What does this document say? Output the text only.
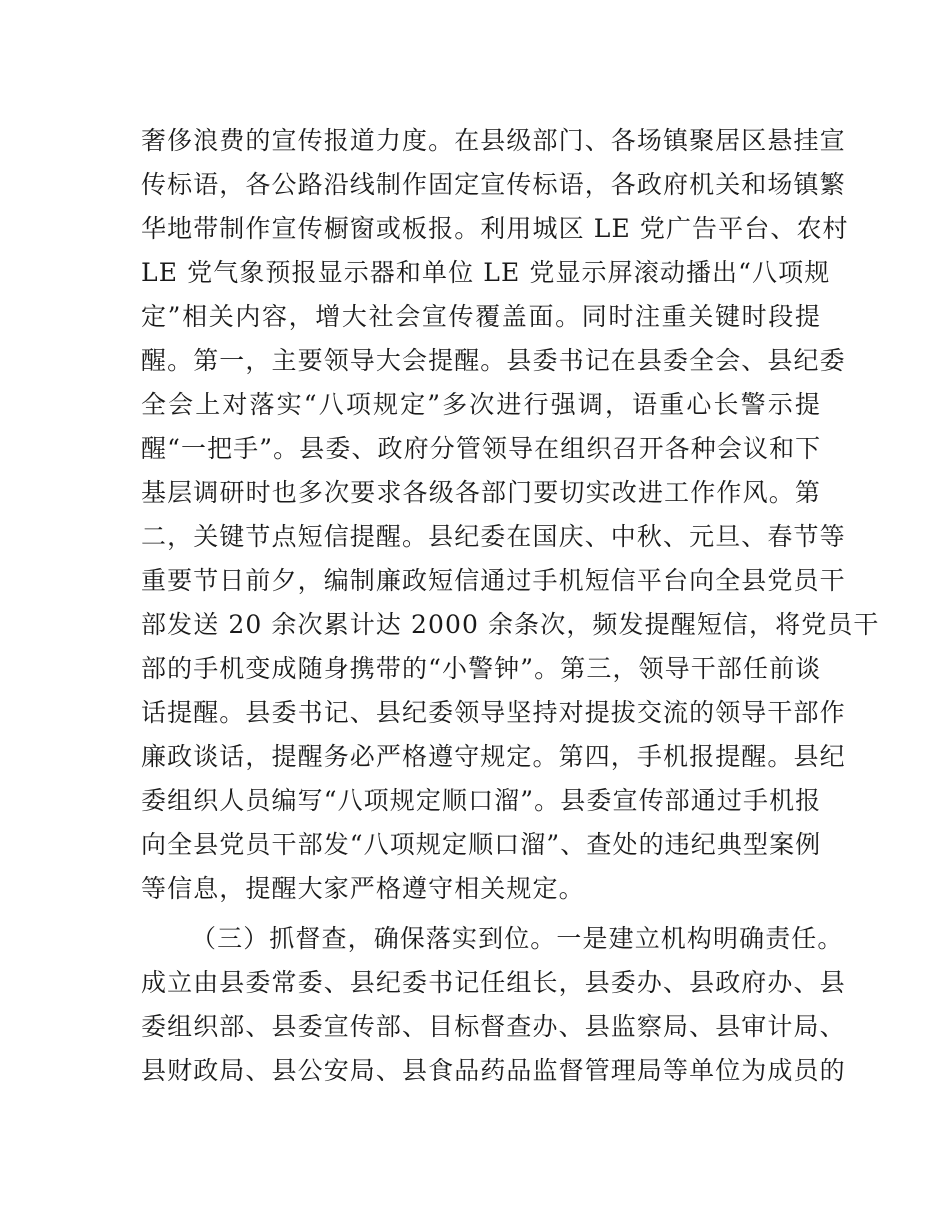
奢侈浪费的宣传报道力度。在县级部门、各场镇聚居区悬挂宣
传标语，各公路沿线制作固定宣传标语，各政府机关和场镇繁
华地带制作宣传橱窗或板报。利用城区 LE 党广告平台、农村
LE 党气象预报显示器和单位 LE 党显示屏滚动播出“八项规
定”相关内容，增大社会宣传覆盖面。同时注重关键时段提
醒。第一，主要领导大会提醒。县委书记在县委全会、县纪委
全会上对落实“八项规定”多次进行强调，语重心长警示提
醒“一把手”。县委、政府分管领导在组织召开各种会议和下
基层调研时也多次要求各级各部门要切实改进工作作风。第
二，关键节点短信提醒。县纪委在国庆、中秋、元旦、春节等
重要节日前夕，编制廉政短信通过手机短信平台向全县党员干
部发送 20 余次累计达 2000 余条次，频发提醒短信，将党员干
部的手机变成随身携带的“小警钟”。第三，领导干部任前谈
话提醒。县委书记、县纪委领导坚持对提拔交流的领导干部作
廉政谈话，提醒务必严格遵守规定。第四，手机报提醒。县纪
委组织人员编写“八项规定顺口溜”。县委宣传部通过手机报
向全县党员干部发“八项规定顺口溜”、查处的违纪典型案例
等信息，提醒大家严格遵守相关规定。
（三）抓督查，确保落实到位。一是建立机构明确责任。
成立由县委常委、县纪委书记任组长，县委办、县政府办、县
委组织部、县委宣传部、目标督查办、县监察局、县审计局、
县财政局、县公安局、县食品药品监督管理局等单位为成员的
